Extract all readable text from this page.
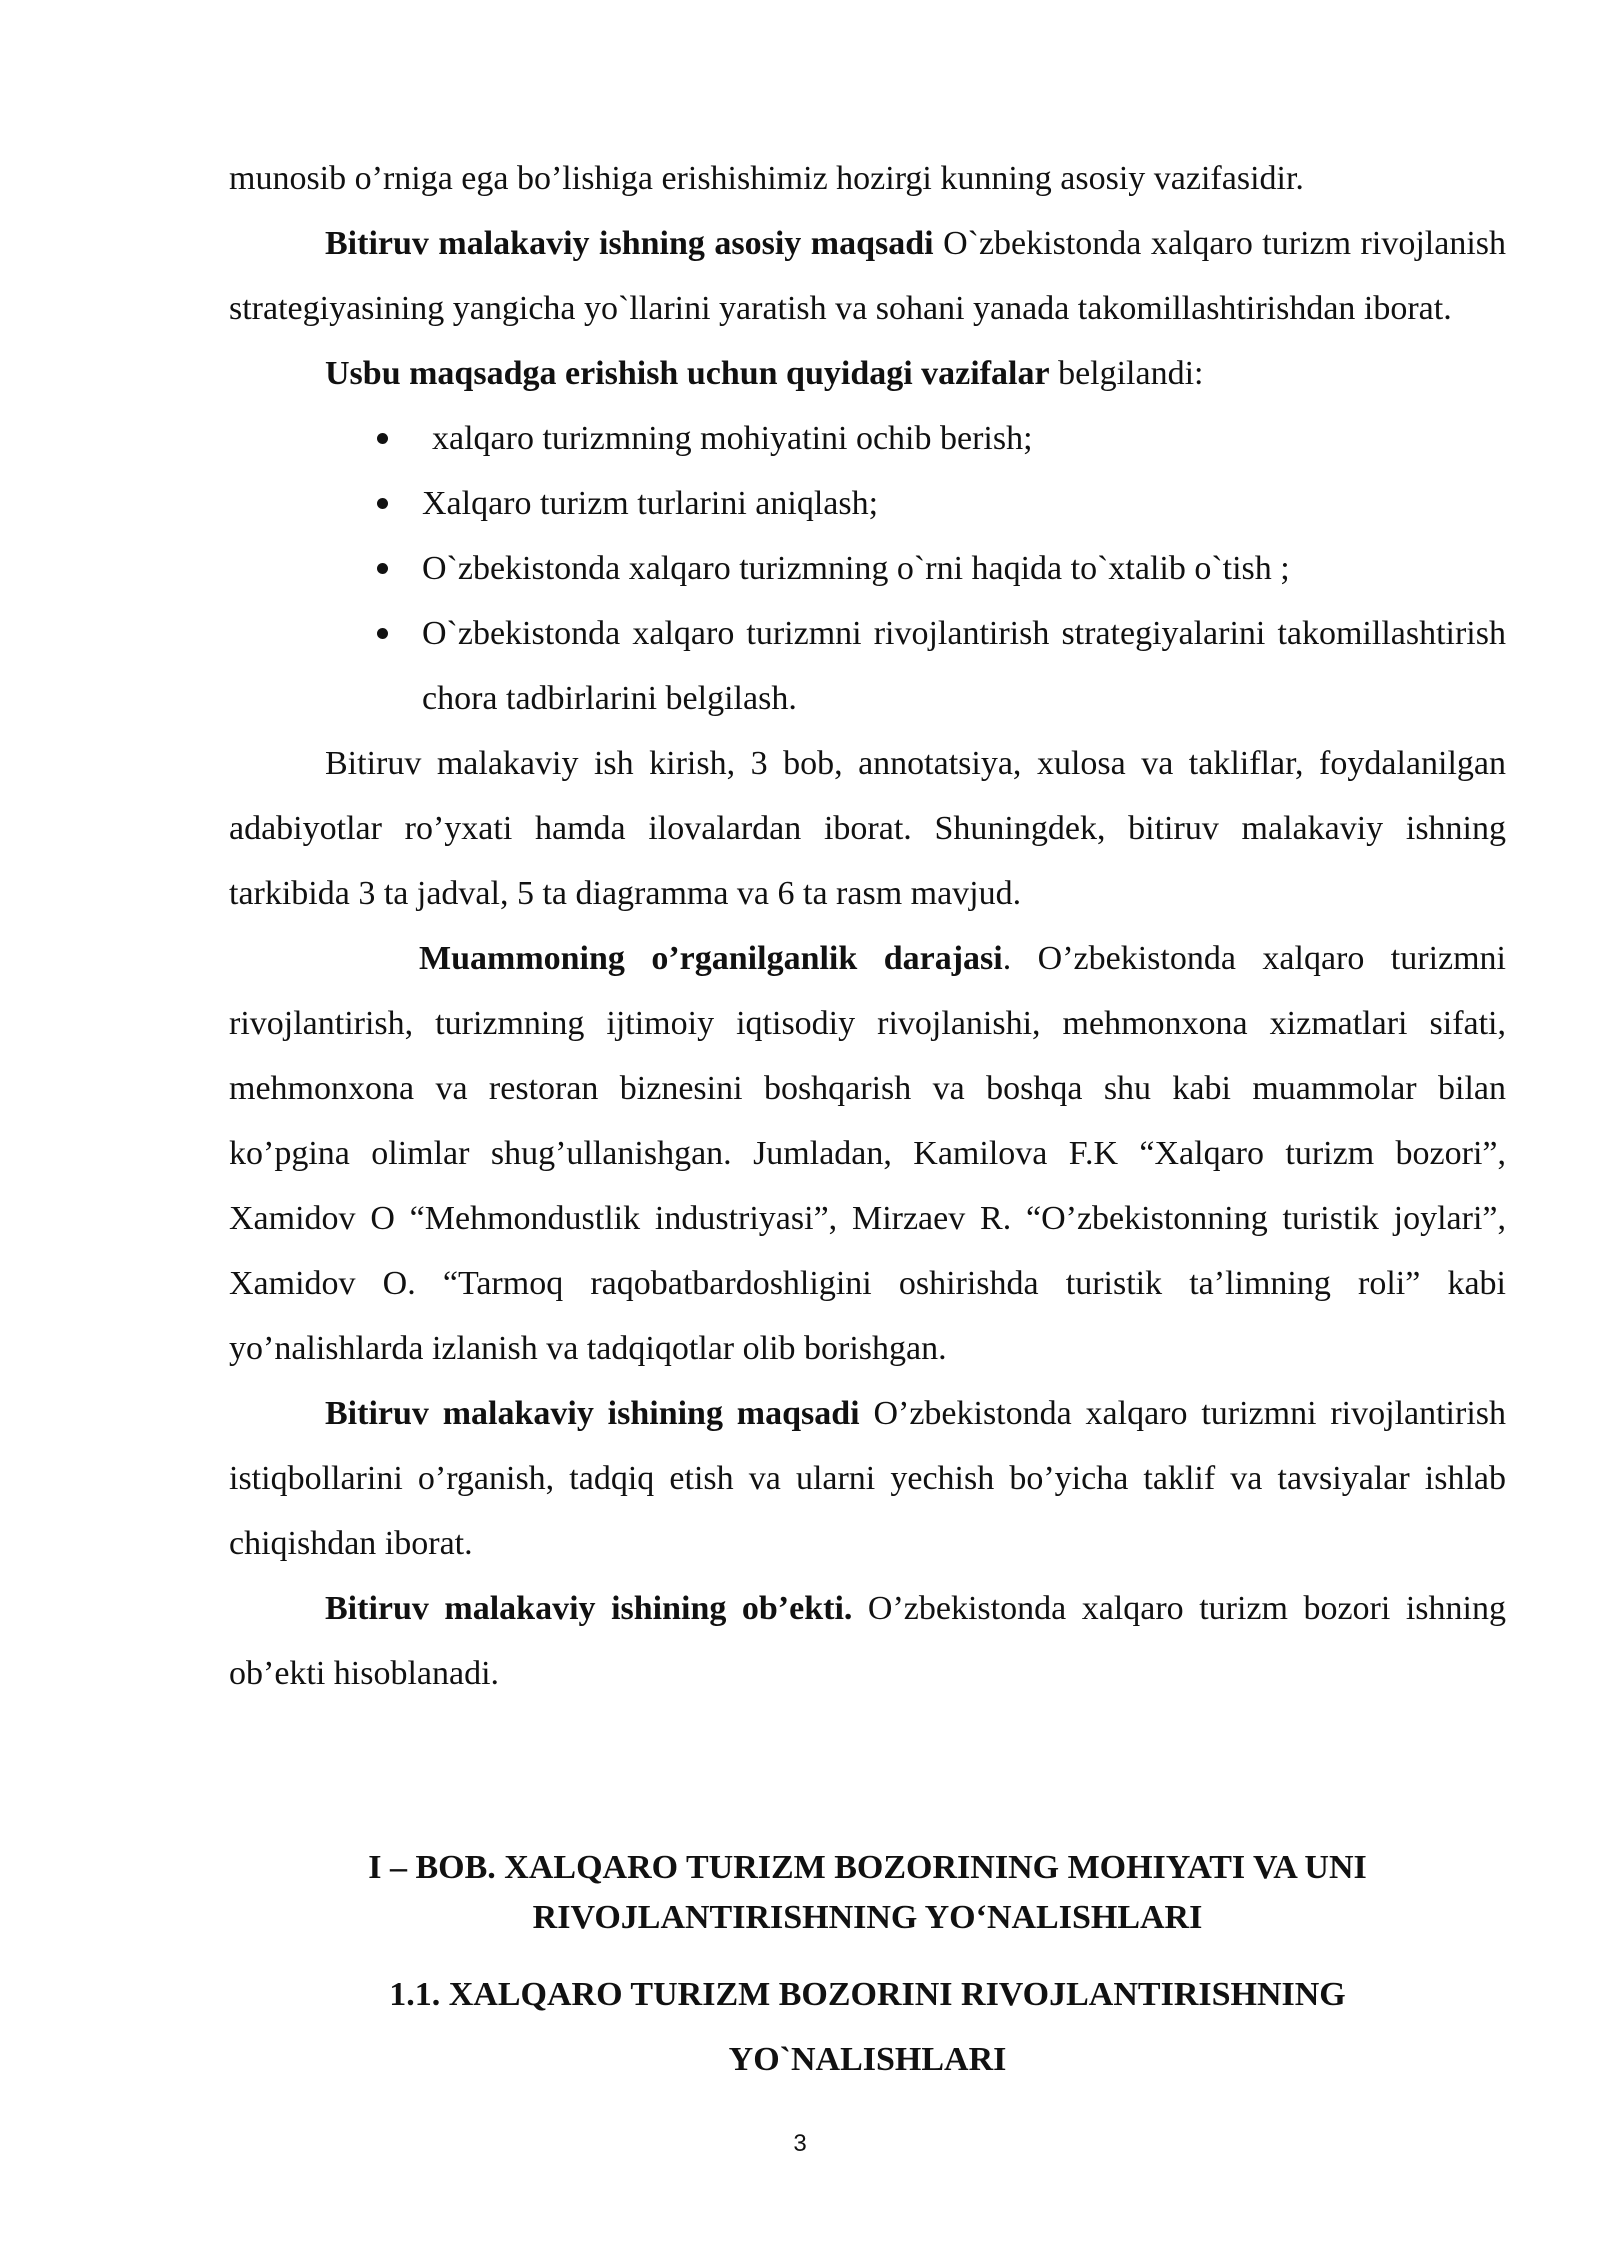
munosib o’rniga ega bo’lishiga erishishimiz hozirgi kunning asosiy vazifasidir.

Bitiruv malakaviy ishning asosiy maqsadi O`zbekistonda xalqaro turizm rivojlanish strategiyasining yangicha yo`llarini yaratish va sohani yanada takomillashtirishdan iborat.

Usbu maqsadga erishish uchun quyidagi vazifalar belgilandi:

xalqaro turizmning mohiyatini ochib berish;
Xalqaro turizm turlarini aniqlash;
O`zbekistonda xalqaro turizmning o`rni haqida to`xtalib o`tish ;
O`zbekistonda xalqaro turizmni rivojlantirish strategiyalarini takomillashtirish chora tadbirlarini belgilash.

Bitiruv malakaviy ish kirish, 3 bob, annotatsiya, xulosa va takliflar, foydalanilgan adabiyotlar ro’yxati hamda ilovalardan iborat. Shuningdek, bitiruv malakaviy ishning tarkibida 3 ta jadval, 5 ta diagramma va 6 ta rasm mavjud.

Muammoning o’rganilganlik darajasi. O’zbekistonda xalqaro turizmni rivojlantirish, turizmning ijtimoiy iqtisodiy rivojlanishi, mehmonxona xizmatlari sifati, mehmonxona va restoran biznesini boshqarish va boshqa shu kabi muammolar bilan ko’pgina olimlar shug’ullanishgan. Jumladan, Kamilova F.K “Xalqaro turizm bozori”, Xamidov O “Mehmondustlik industriyasi”, Mirzaev R. “O’zbekistonning turistik joylari”, Xamidov O. “Tarmoq raqobatbardoshligini oshirishda turistik ta’limning roli” kabi yo’nalishlarda izlanish va tadqiqotlar olib borishgan.

Bitiruv malakaviy ishining maqsadi O’zbekistonda xalqaro turizmni rivojlantirish istiqbollarini o’rganish, tadqiq etish va ularni yechish bo’yicha taklif va tavsiyalar ishlab chiqishdan iborat.

Bitiruv malakaviy ishining ob’ekti. O’zbekistonda xalqaro turizm bozori ishning ob’ekti hisoblanadi.

I – BOB. XALQARO TURIZM BOZORINING MOHIYATI VA UNI
RIVOJLANTIRISHNING YO‘NALISHLARI
1.1. XALQARO TURIZM BOZORINI RIVOJLANTIRISHNING
YO`NALISHLARI
3
